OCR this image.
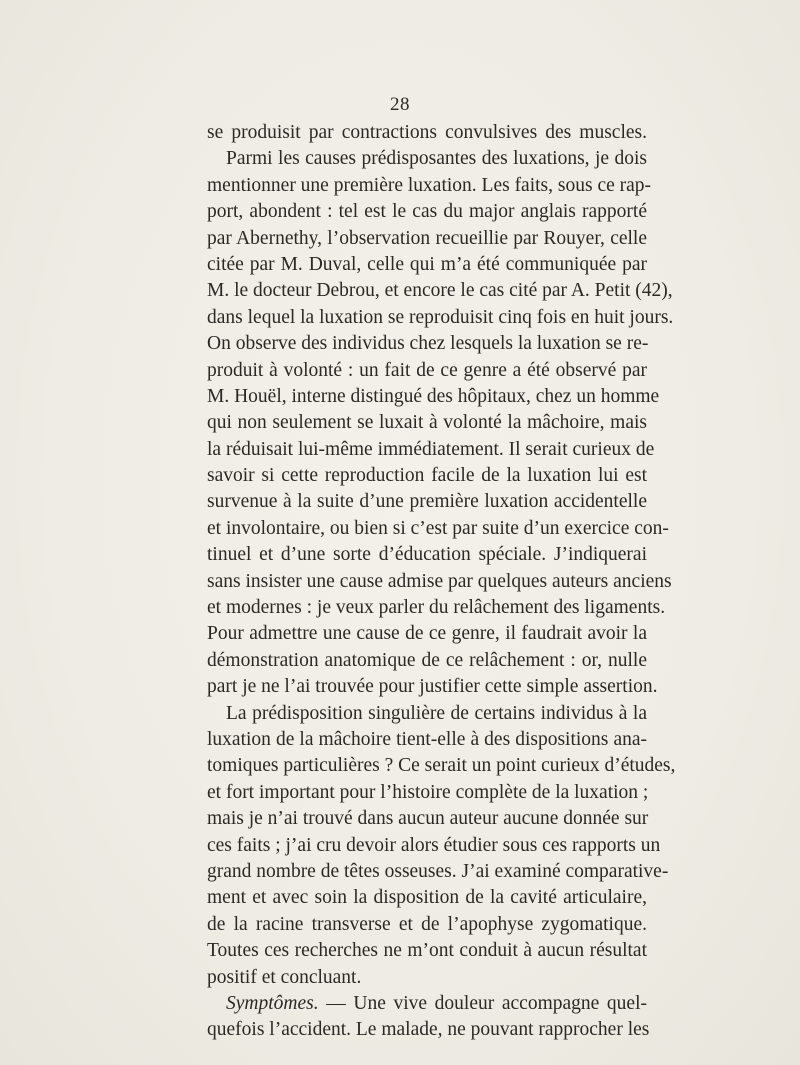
28
se produisit par contractions convulsives des muscles.
Parmi les causes prédisposantes des luxations, je dois
mentionner une première luxation. Les faits, sous ce rap-
port, abondent : tel est le cas du major anglais rapporté
par Abernethy, l’observation recueillie par Rouyer, celle
citée par M. Duval, celle qui m’a été communiquée par
M. le docteur Debrou, et encore le cas cité par A. Petit (42),
dans lequel la luxation se reproduisit cinq fois en huit jours.
On observe des individus chez lesquels la luxation se re-
produit à volonté : un fait de ce genre a été observé par
M. Houël, interne distingué des hôpitaux, chez un homme
qui non seulement se luxait à volonté la mâchoire, mais
la réduisait lui-même immédiatement. Il serait curieux de
savoir si cette reproduction facile de la luxation lui est
survenue à la suite d’une première luxation accidentelle
et involontaire, ou bien si c’est par suite d’un exercice con-
tinuel et d’une sorte d’éducation spéciale. J’indiquerai
sans insister une cause admise par quelques auteurs anciens
et modernes : je veux parler du relâchement des ligaments.
Pour admettre une cause de ce genre, il faudrait avoir la
démonstration anatomique de ce relâchement : or, nulle
part je ne l’ai trouvée pour justifier cette simple assertion.
La prédisposition singulière de certains individus à la
luxation de la mâchoire tient-elle à des dispositions ana-
tomiques particulières ? Ce serait un point curieux d’études,
et fort important pour l’histoire complète de la luxation ;
mais je n’ai trouvé dans aucun auteur aucune donnée sur
ces faits ; j’ai cru devoir alors étudier sous ces rapports un
grand nombre de têtes osseuses. J’ai examiné comparative-
ment et avec soin la disposition de la cavité articulaire,
de la racine transverse et de l’apophyse zygomatique.
Toutes ces recherches ne m’ont conduit à aucun résultat
positif et concluant.
Symptômes. — Une vive douleur accompagne quel-
quefois l’accident. Le malade, ne pouvant rapprocher les
